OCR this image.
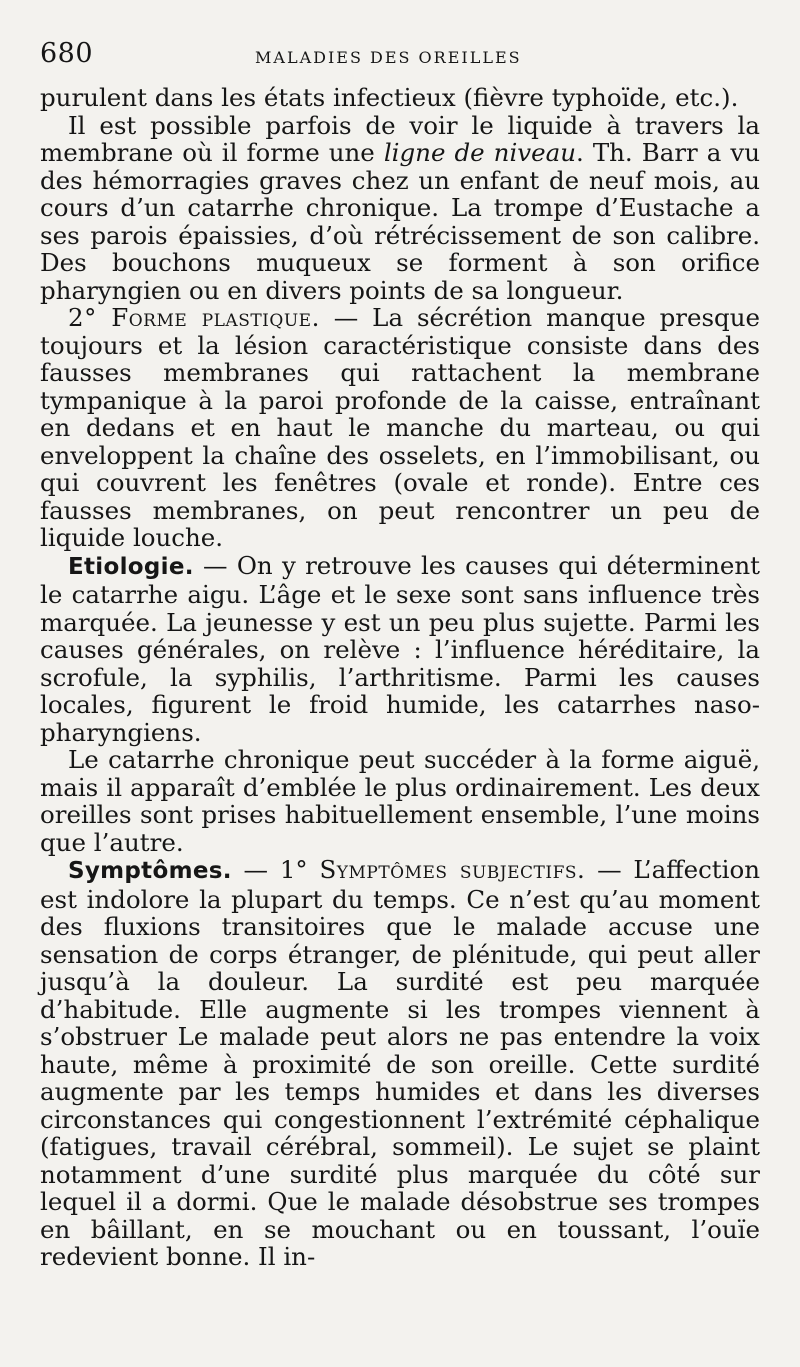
680	MALADIES DES OREILLES

purulent dans les états infectieux (fièvre typhoïde, etc.).

Il est possible parfois de voir le liquide à travers la membrane où il forme une ligne de niveau. Th. Barr a vu des hémorragies graves chez un enfant de neuf mois, au cours d’un catarrhe chronique. La trompe d’Eustache a ses parois épaissies, d’où rétrécissement de son calibre. Des bouchons muqueux se forment à son orifice pharyngien ou en divers points de sa longueur.

2° Forme plastique. — La sécrétion manque presque toujours et la lésion caractéristique consiste dans des fausses membranes qui rattachent la membrane tympanique à la paroi profonde de la caisse, entraînant en dedans et en haut le manche du marteau, ou qui enveloppent la chaîne des osselets, en l’immobilisant, ou qui couvrent les fenêtres (ovale et ronde). Entre ces fausses membranes, on peut rencontrer un peu de liquide louche.

Etiologie. — On y retrouve les causes qui déterminent le catarrhe aigu. L’âge et le sexe sont sans influence très marquée. La jeunesse y est un peu plus sujette. Parmi les causes générales, on relève : l’influence héréditaire, la scrofule, la syphilis, l’arthritisme. Parmi les causes locales, figurent le froid humide, les catarrhes naso-pharyngiens.

Le catarrhe chronique peut succéder à la forme aiguë, mais il apparaît d’emblée le plus ordinairement. Les deux oreilles sont prises habituellement ensemble, l’une moins que l’autre.

Symptômes. — 1° Symptômes subjectifs. — L’affection est indolore la plupart du temps. Ce n’est qu’au moment des fluxions transitoires que le malade accuse une sensation de corps étranger, de plénitude, qui peut aller jusqu’à la douleur. La surdité est peu marquée d’habitude. Elle augmente si les trompes viennent à s’obstruer Le malade peut alors ne pas entendre la voix haute, même à proximité de son oreille. Cette surdité augmente par les temps humides et dans les diverses circonstances qui congestionnent l’extrémité céphalique (fatigues, travail cérébral, sommeil). Le sujet se plaint notamment d’une surdité plus marquée du côté sur lequel il a dormi. Que le malade désobstrue ses trompes en bâillant, en se mouchant ou en toussant, l’ouïe redevient bonne. Il in-
